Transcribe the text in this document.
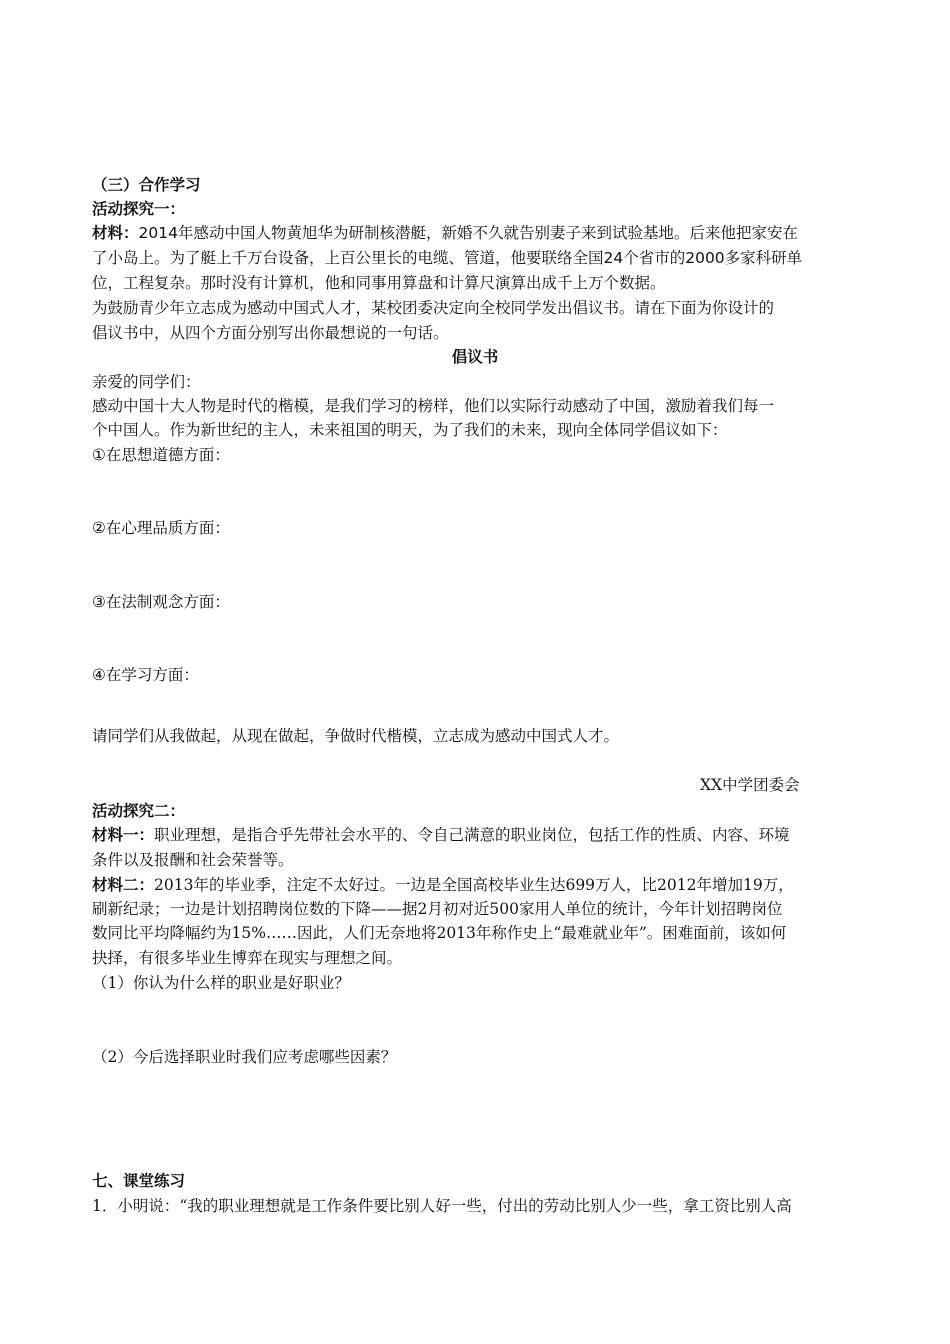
（三）合作学习
活动探究一：
材料：2014年感动中国人物黄旭华为研制核潜艇，新婚不久就告别妻子来到试验基地。后来他把家安在
了小岛上。为了艇上千万台设备，上百公里长的电缆、管道，他要联络全国24个省市的2000多家科研单
位，工程复杂。那时没有计算机，他和同事用算盘和计算尺演算出成千上万个数据。
为鼓励青少年立志成为感动中国式人才，某校团委决定向全校同学发出倡议书。请在下面为你设计的
倡议书中，从四个方面分别写出你最想说的一句话。
倡议书
亲爱的同学们：
感动中国十大人物是时代的楷模，是我们学习的榜样，他们以实际行动感动了中国，激励着我们每一
个中国人。作为新世纪的主人，未来祖国的明天，为了我们的未来，现向全体同学倡议如下：
①在思想道德方面：
②在心理品质方面：
③在法制观念方面：
④在学习方面：
请同学们从我做起，从现在做起，争做时代楷模，立志成为感动中国式人才。
XX中学团委会
活动探究二：
材料一：职业理想，是指合乎先带社会水平的、令自己满意的职业岗位，包括工作的性质、内容、环境
条件以及报酬和社会荣誉等。
材料二：2013年的毕业季，注定不太好过。一边是全国高校毕业生达699万人，比2012年增加19万，
刷新纪录；一边是计划招聘岗位数的下降——据2月初对近500家用人单位的统计，今年计划招聘岗位
数同比平均降幅约为15%……因此，人们无奈地将2013年称作史上“最难就业年”。困难面前，该如何
抉择，有很多毕业生博弈在现实与理想之间。
（1）你认为什么样的职业是好职业？
（2）今后选择职业时我们应考虑哪些因素？
七、课堂练习
1．小明说：“我的职业理想就是工作条件要比别人好一些，付出的劳动比别人少一些，拿工资比别人高
